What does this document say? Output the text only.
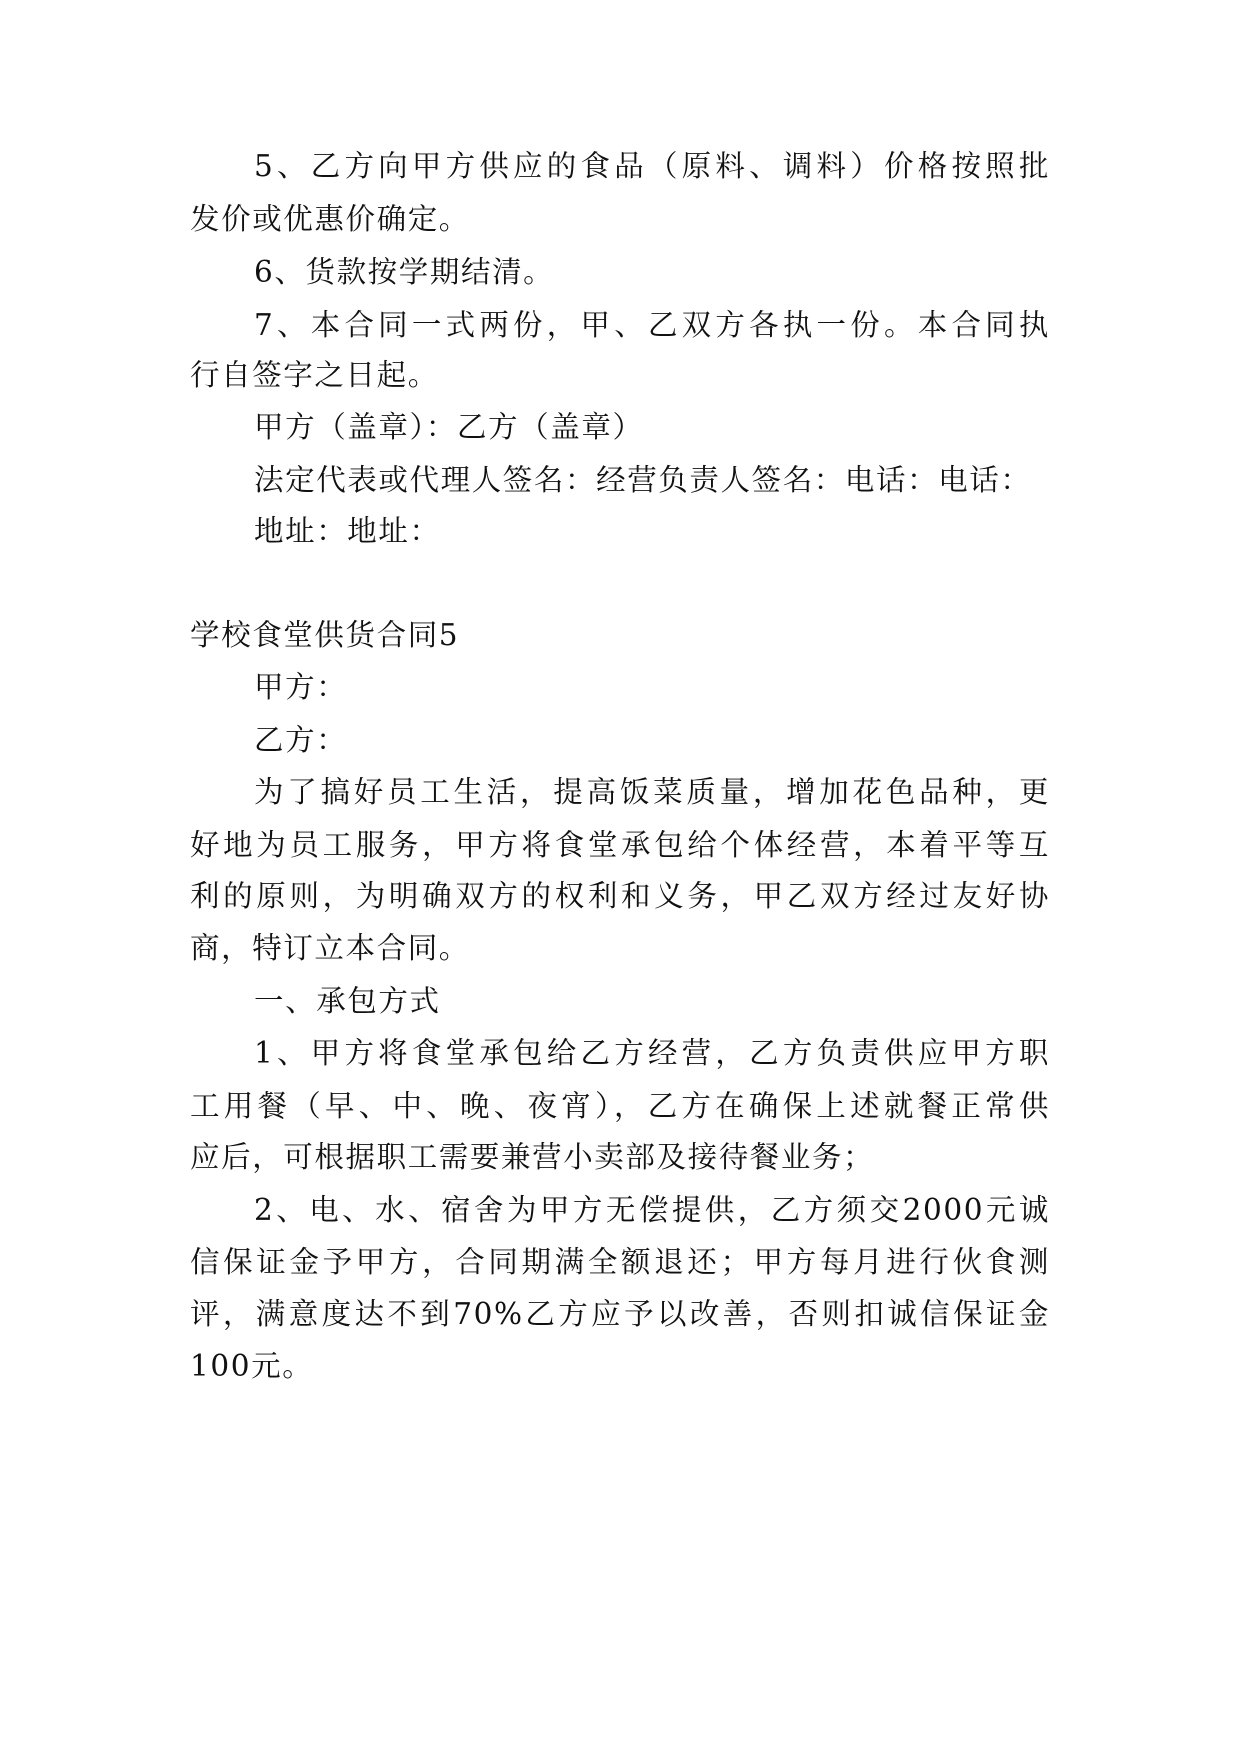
5、乙方向甲方供应的食品（原料、调料）价格按照批
发价或优惠价确定。
6、货款按学期结清。
7、本合同一式两份，甲、乙双方各执一份。本合同执
行自签字之日起。
甲方（盖章）：乙方（盖章）
法定代表或代理人签名：经营负责人签名：电话：电话：
地址：地址：
学校食堂供货合同5
甲方：
乙方：
为了搞好员工生活，提高饭菜质量，增加花色品种，更
好地为员工服务，甲方将食堂承包给个体经营，本着平等互
利的原则，为明确双方的权利和义务，甲乙双方经过友好协
商，特订立本合同。
一、承包方式
1、甲方将食堂承包给乙方经营，乙方负责供应甲方职
工用餐（早、中、晚、夜宵），乙方在确保上述就餐正常供
应后，可根据职工需要兼营小卖部及接待餐业务；
2、电、水、宿舍为甲方无偿提供，乙方须交2000元诚
信保证金予甲方，合同期满全额退还；甲方每月进行伙食测
评，满意度达不到70%乙方应予以改善，否则扣诚信保证金
100元。
